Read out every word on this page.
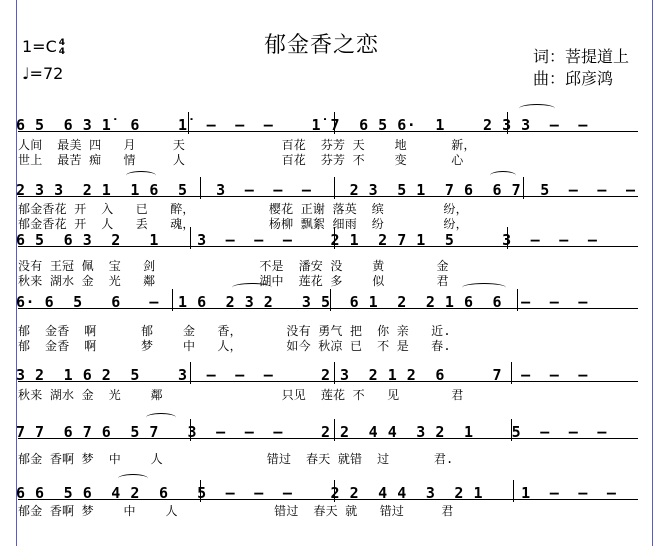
郁金香之恋
1=C 4
4
♩=72
词：菩提道上
曲：邱彦鸿
6 5  6 3 1̇  6    1̇  –  –  –    1̇ 7  6 5 6·  1    2 3 3  –  –
人间  最美 四   月     天             百花  芬芳 天    地      新，
世上  最苦 痴   情     人             百花  芬芳 不    变      心
2 3 3  2 1  1 6  5   3  –  –  –    2 3  5 1  7 6  6 7  5  –  –  –
郁金香花 开  入   已   醉，          樱花 正谢 落英  缤        纷，
郁金香花 开  人   丢   魂，          杨柳 飘絮 细雨  纷        纷，
6 5  6 3  2   1    3  –  –  –    2 1  2 7 1  5     3  –  –  –
没有 王冠 佩  宝   剑              不是  潘安 没    黄       金
秋来 湖水 金  光   鄰              湖中  莲花 多    似       君
6· 6  5   6   –  1 6  2 3 2   3 5  6 1  2  2 1 6  6  –  –  –
郁  金香  啊      郁    金   香，      没有 勇气 把  你 亲   近.
郁  金香  啊      梦    中   人，      如今 秋凉 已  不 是   春.
3 2  1 6 2  5    3  –  –  –     2 3  2 1 2  6     7  –  –  –
秋来 湖水 金  光    鄰                只见  莲花 不   见       君
7 7  6 7 6  5 7   3  –  –  –    2 2  4 4  3 2  1    5  –  –  –
郁金 香啊 梦  中    人              错过  春天 就错  过      君.
6 6  5 6  4 2  6   5  –  –  –    2 2  4 4  3  2 1    1  –  –  –
郁金 香啊 梦    中    人             错过  春天 就   错过     君
